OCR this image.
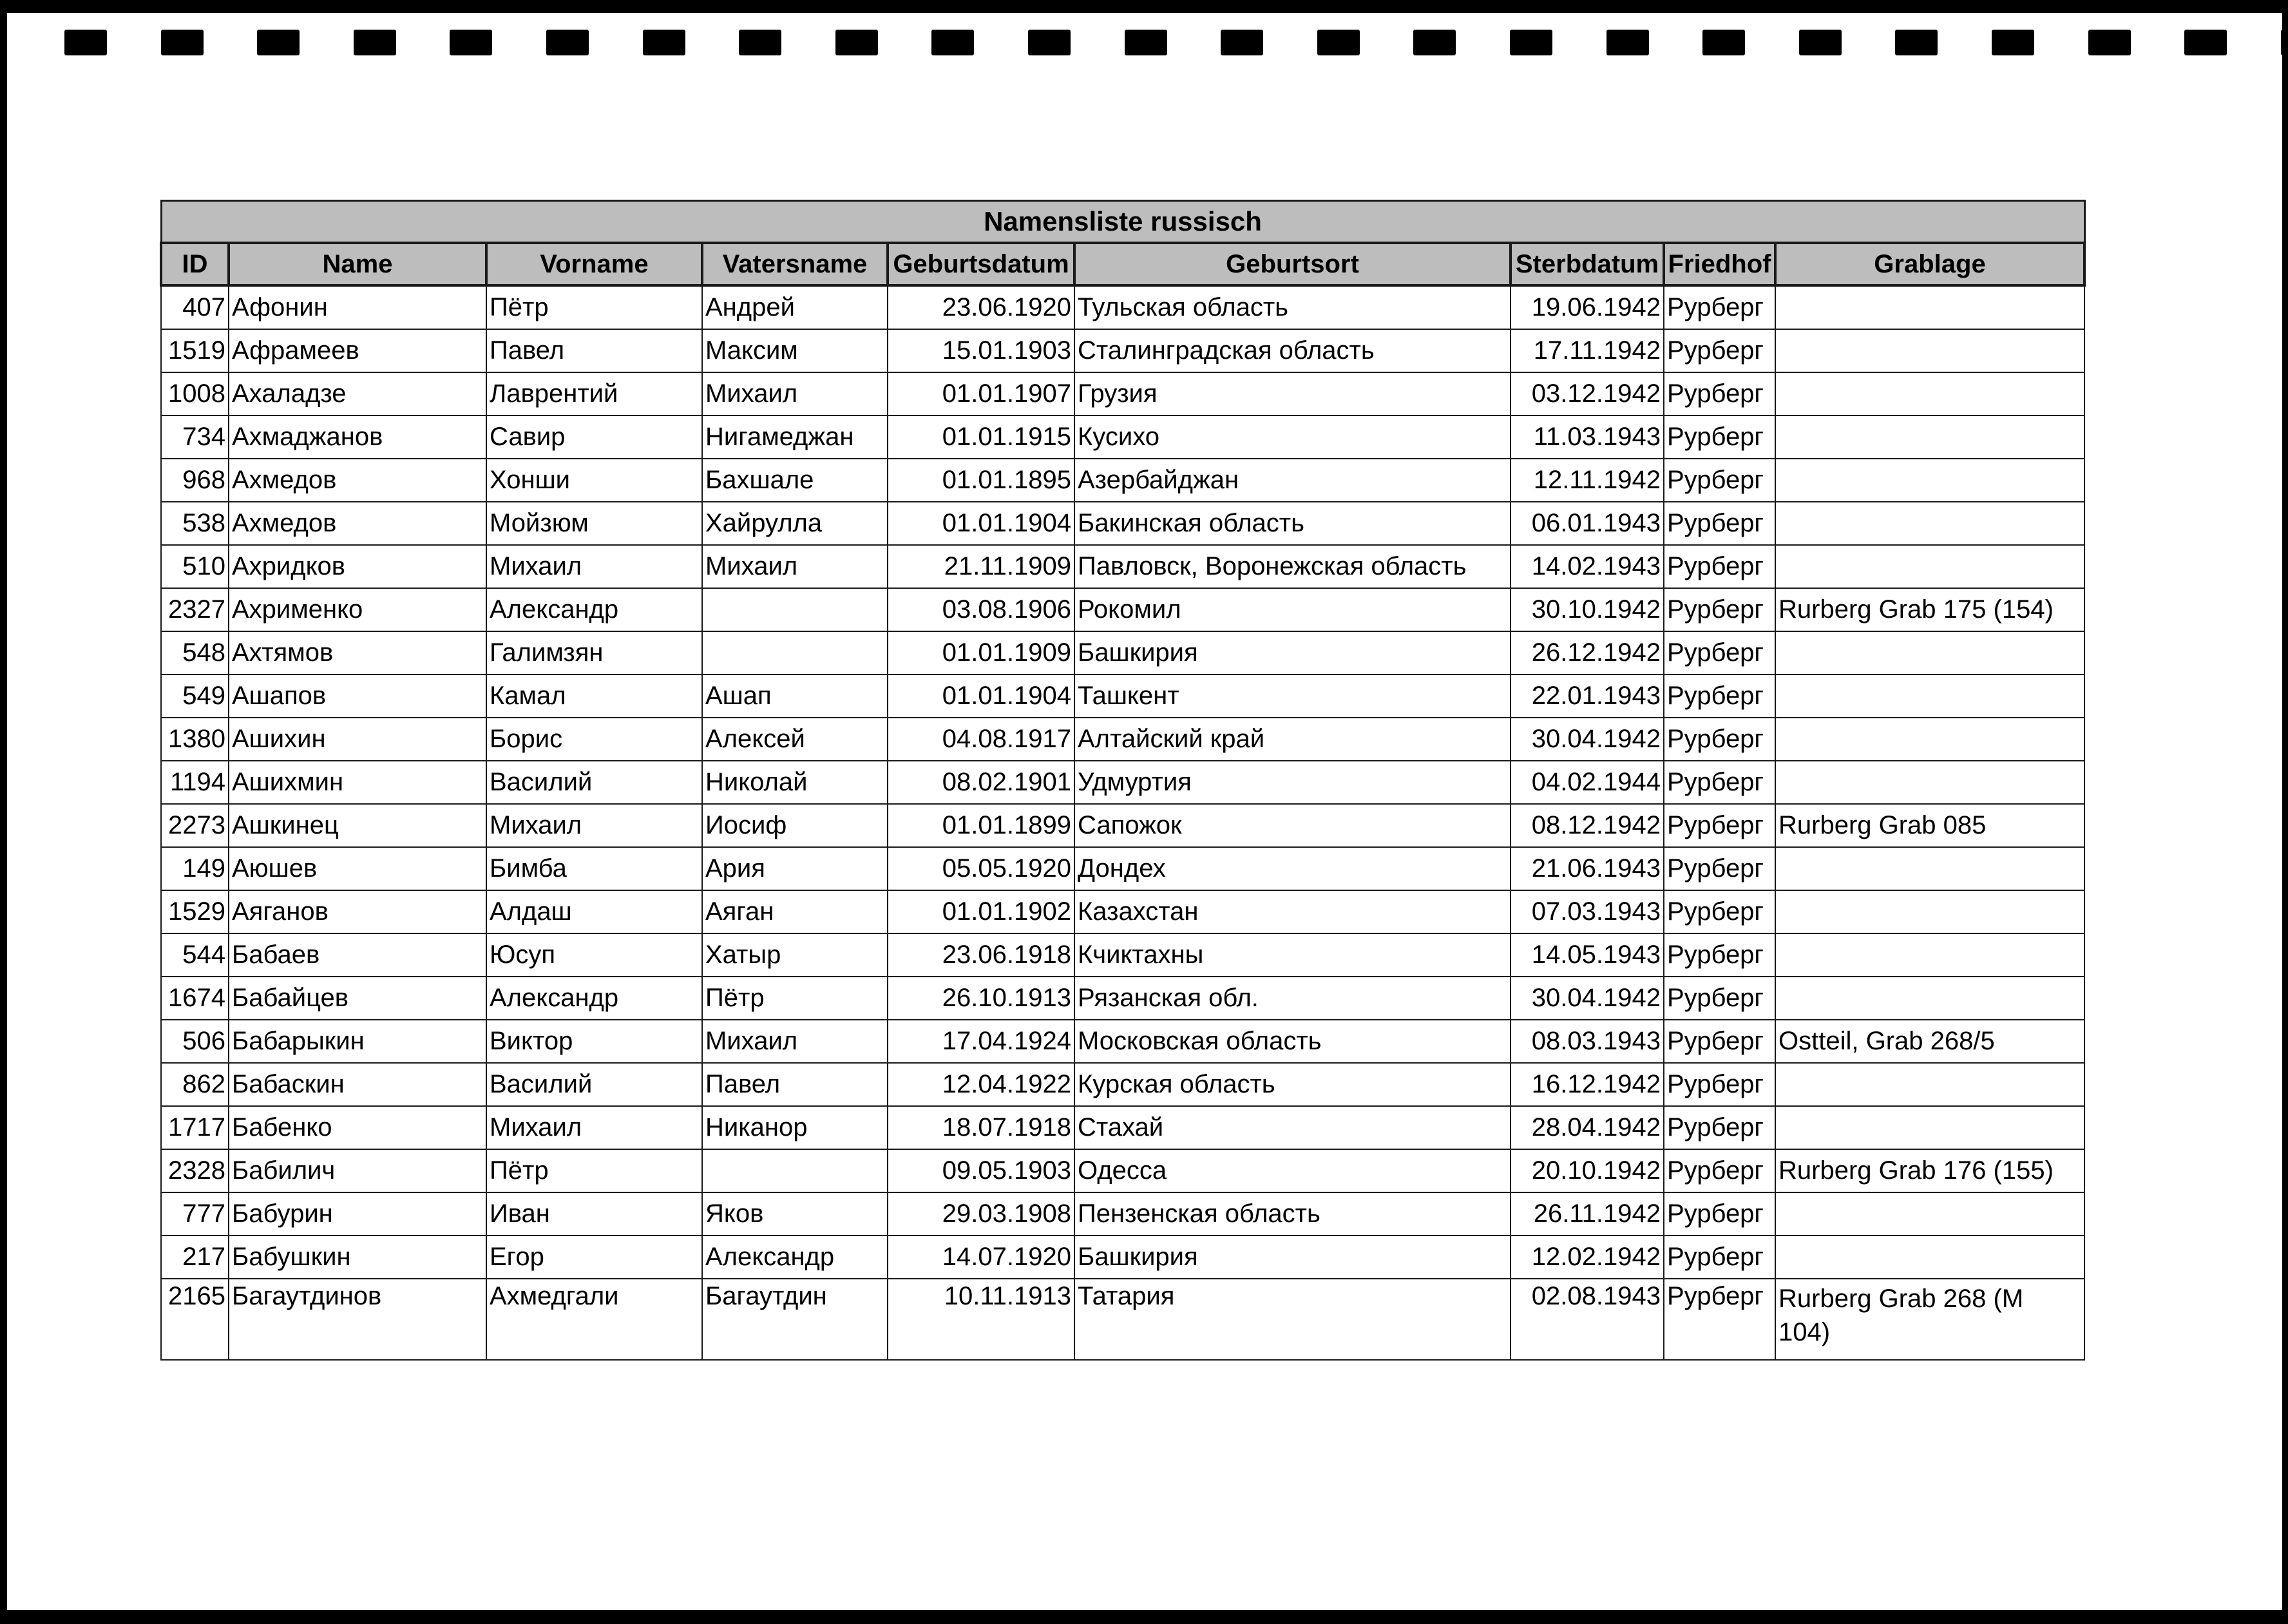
Namensliste russisch								
ID	Name	Vorname	Vatersname	Geburtsdatum	Geburtsort	Sterbdatum	Friedhof	Grablage
407	Афонин	Пётр	Андрей	23.06.1920	Тульская область	19.06.1942	Рурберг	
1519	Афрамеев	Павел	Максим	15.01.1903	Сталинградская область	17.11.1942	Рурберг	
1008	Ахаладзе	Лаврентий	Михаил	01.01.1907	Грузия	03.12.1942	Рурберг	
734	Ахмаджанов	Савир	Нигамеджан	01.01.1915	Кусихо	11.03.1943	Рурберг	
968	Ахмедов	Хонши	Бахшале	01.01.1895	Азербайджан	12.11.1942	Рурберг	
538	Ахмедов	Мойзюм	Хайрулла	01.01.1904	Бакинская область	06.01.1943	Рурберг	
510	Ахридков	Михаил	Михаил	21.11.1909	Павловск, Воронежская область	14.02.1943	Рурберг	
2327	Ахрименко	Александр		03.08.1906	Рокомил	30.10.1942	Рурберг	Rurberg Grab 175 (154)
548	Ахтямов	Галимзян		01.01.1909	Башкирия	26.12.1942	Рурберг	
549	Ашапов	Камал	Ашап	01.01.1904	Ташкент	22.01.1943	Рурберг	
1380	Ашихин	Борис	Алексей	04.08.1917	Алтайский край	30.04.1942	Рурберг	
1194	Ашихмин	Василий	Николай	08.02.1901	Удмуртия	04.02.1944	Рурберг	
2273	Ашкинец	Михаил	Иосиф	01.01.1899	Сапожок	08.12.1942	Рурберг	Rurberg Grab 085
149	Аюшев	Бимба	Ария	05.05.1920	Дондех	21.06.1943	Рурберг	
1529	Аяганов	Алдаш	Аяган	01.01.1902	Казахстан	07.03.1943	Рурберг	
544	Бабаев	Юсуп	Хатыр	23.06.1918	Кчиктахны	14.05.1943	Рурберг	
1674	Бабайцев	Александр	Пётр	26.10.1913	Рязанская обл.	30.04.1942	Рурберг	
506	Бабарыкин	Виктор	Михаил	17.04.1924	Московская область	08.03.1943	Рурберг	Ostteil, Grab 268/5
862	Бабаскин	Василий	Павел	12.04.1922	Курская область	16.12.1942	Рурберг	
1717	Бабенко	Михаил	Никанор	18.07.1918	Стахай	28.04.1942	Рурберг	
2328	Бабилич	Пётр		09.05.1903	Одесса	20.10.1942	Рурберг	Rurberg Grab 176 (155)
777	Бабурин	Иван	Яков	29.03.1908	Пензенская область	26.11.1942	Рурберг	
217	Бабушкин	Егор	Александр	14.07.1920	Башкирия	12.02.1942	Рурберг	
2165	Багаутдинов	Ахмедгали	Багаутдин	10.11.1913	Татария	02.08.1943	Рурберг	Rurberg Grab 268 (M 104)
